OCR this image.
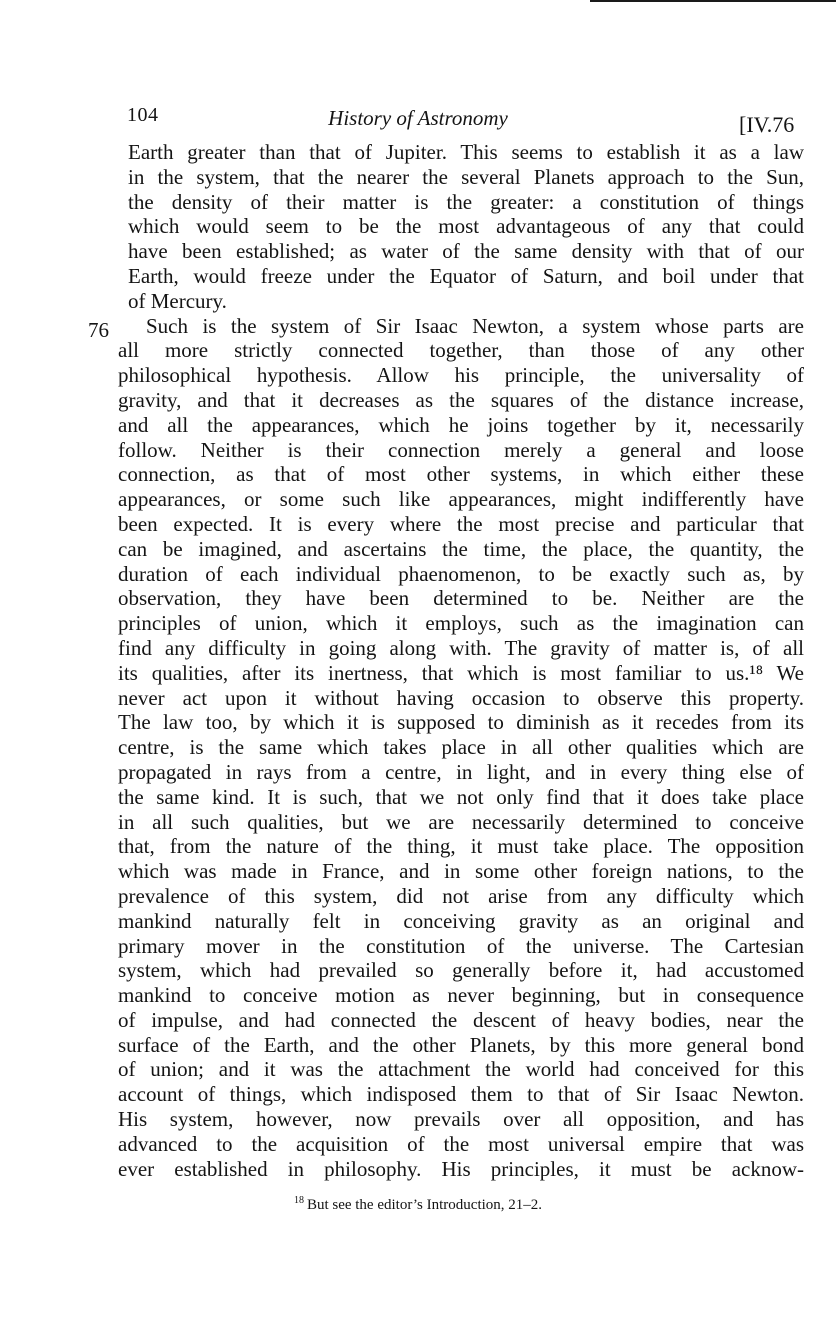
104	History of Astronomy	[IV.76
76
Earth greater than that of Jupiter. This seems to establish it as a law
in the system, that the nearer the several Planets approach to the Sun,
the density of their matter is the greater: a constitution of things
which would seem to be the most advantageous of any that could
have been established; as water of the same density with that of our
Earth, would freeze under the Equator of Saturn, and boil under that
of Mercury.
Such is the system of Sir Isaac Newton, a system whose parts are
all more strictly connected together, than those of any other
philosophical hypothesis. Allow his principle, the universality of
gravity, and that it decreases as the squares of the distance increase,
and all the appearances, which he joins together by it, necessarily
follow. Neither is their connection merely a general and loose
connection, as that of most other systems, in which either these
appearances, or some such like appearances, might indifferently have
been expected. It is every where the most precise and particular that
can be imagined, and ascertains the time, the place, the quantity, the
duration of each individual phaenomenon, to be exactly such as, by
observation, they have been determined to be. Neither are the
principles of union, which it employs, such as the imagination can
find any difficulty in going along with. The gravity of matter is, of all
its qualities, after its inertness, that which is most familiar to us.¹⁸ We
never act upon it without having occasion to observe this property.
The law too, by which it is supposed to diminish as it recedes from its
centre, is the same which takes place in all other qualities which are
propagated in rays from a centre, in light, and in every thing else of
the same kind. It is such, that we not only find that it does take place
in all such qualities, but we are necessarily determined to conceive
that, from the nature of the thing, it must take place. The opposition
which was made in France, and in some other foreign nations, to the
prevalence of this system, did not arise from any difficulty which
mankind naturally felt in conceiving gravity as an original and
primary mover in the constitution of the universe. The Cartesian
system, which had prevailed so generally before it, had accustomed
mankind to conceive motion as never beginning, but in consequence
of impulse, and had connected the descent of heavy bodies, near the
surface of the Earth, and the other Planets, by this more general bond
of union; and it was the attachment the world had conceived for this
account of things, which indisposed them to that of Sir Isaac Newton.
His system, however, now prevails over all opposition, and has
advanced to the acquisition of the most universal empire that was
ever established in philosophy. His principles, it must be acknow-
$^{18}$ But see the editor’s Introduction, 21–2.
